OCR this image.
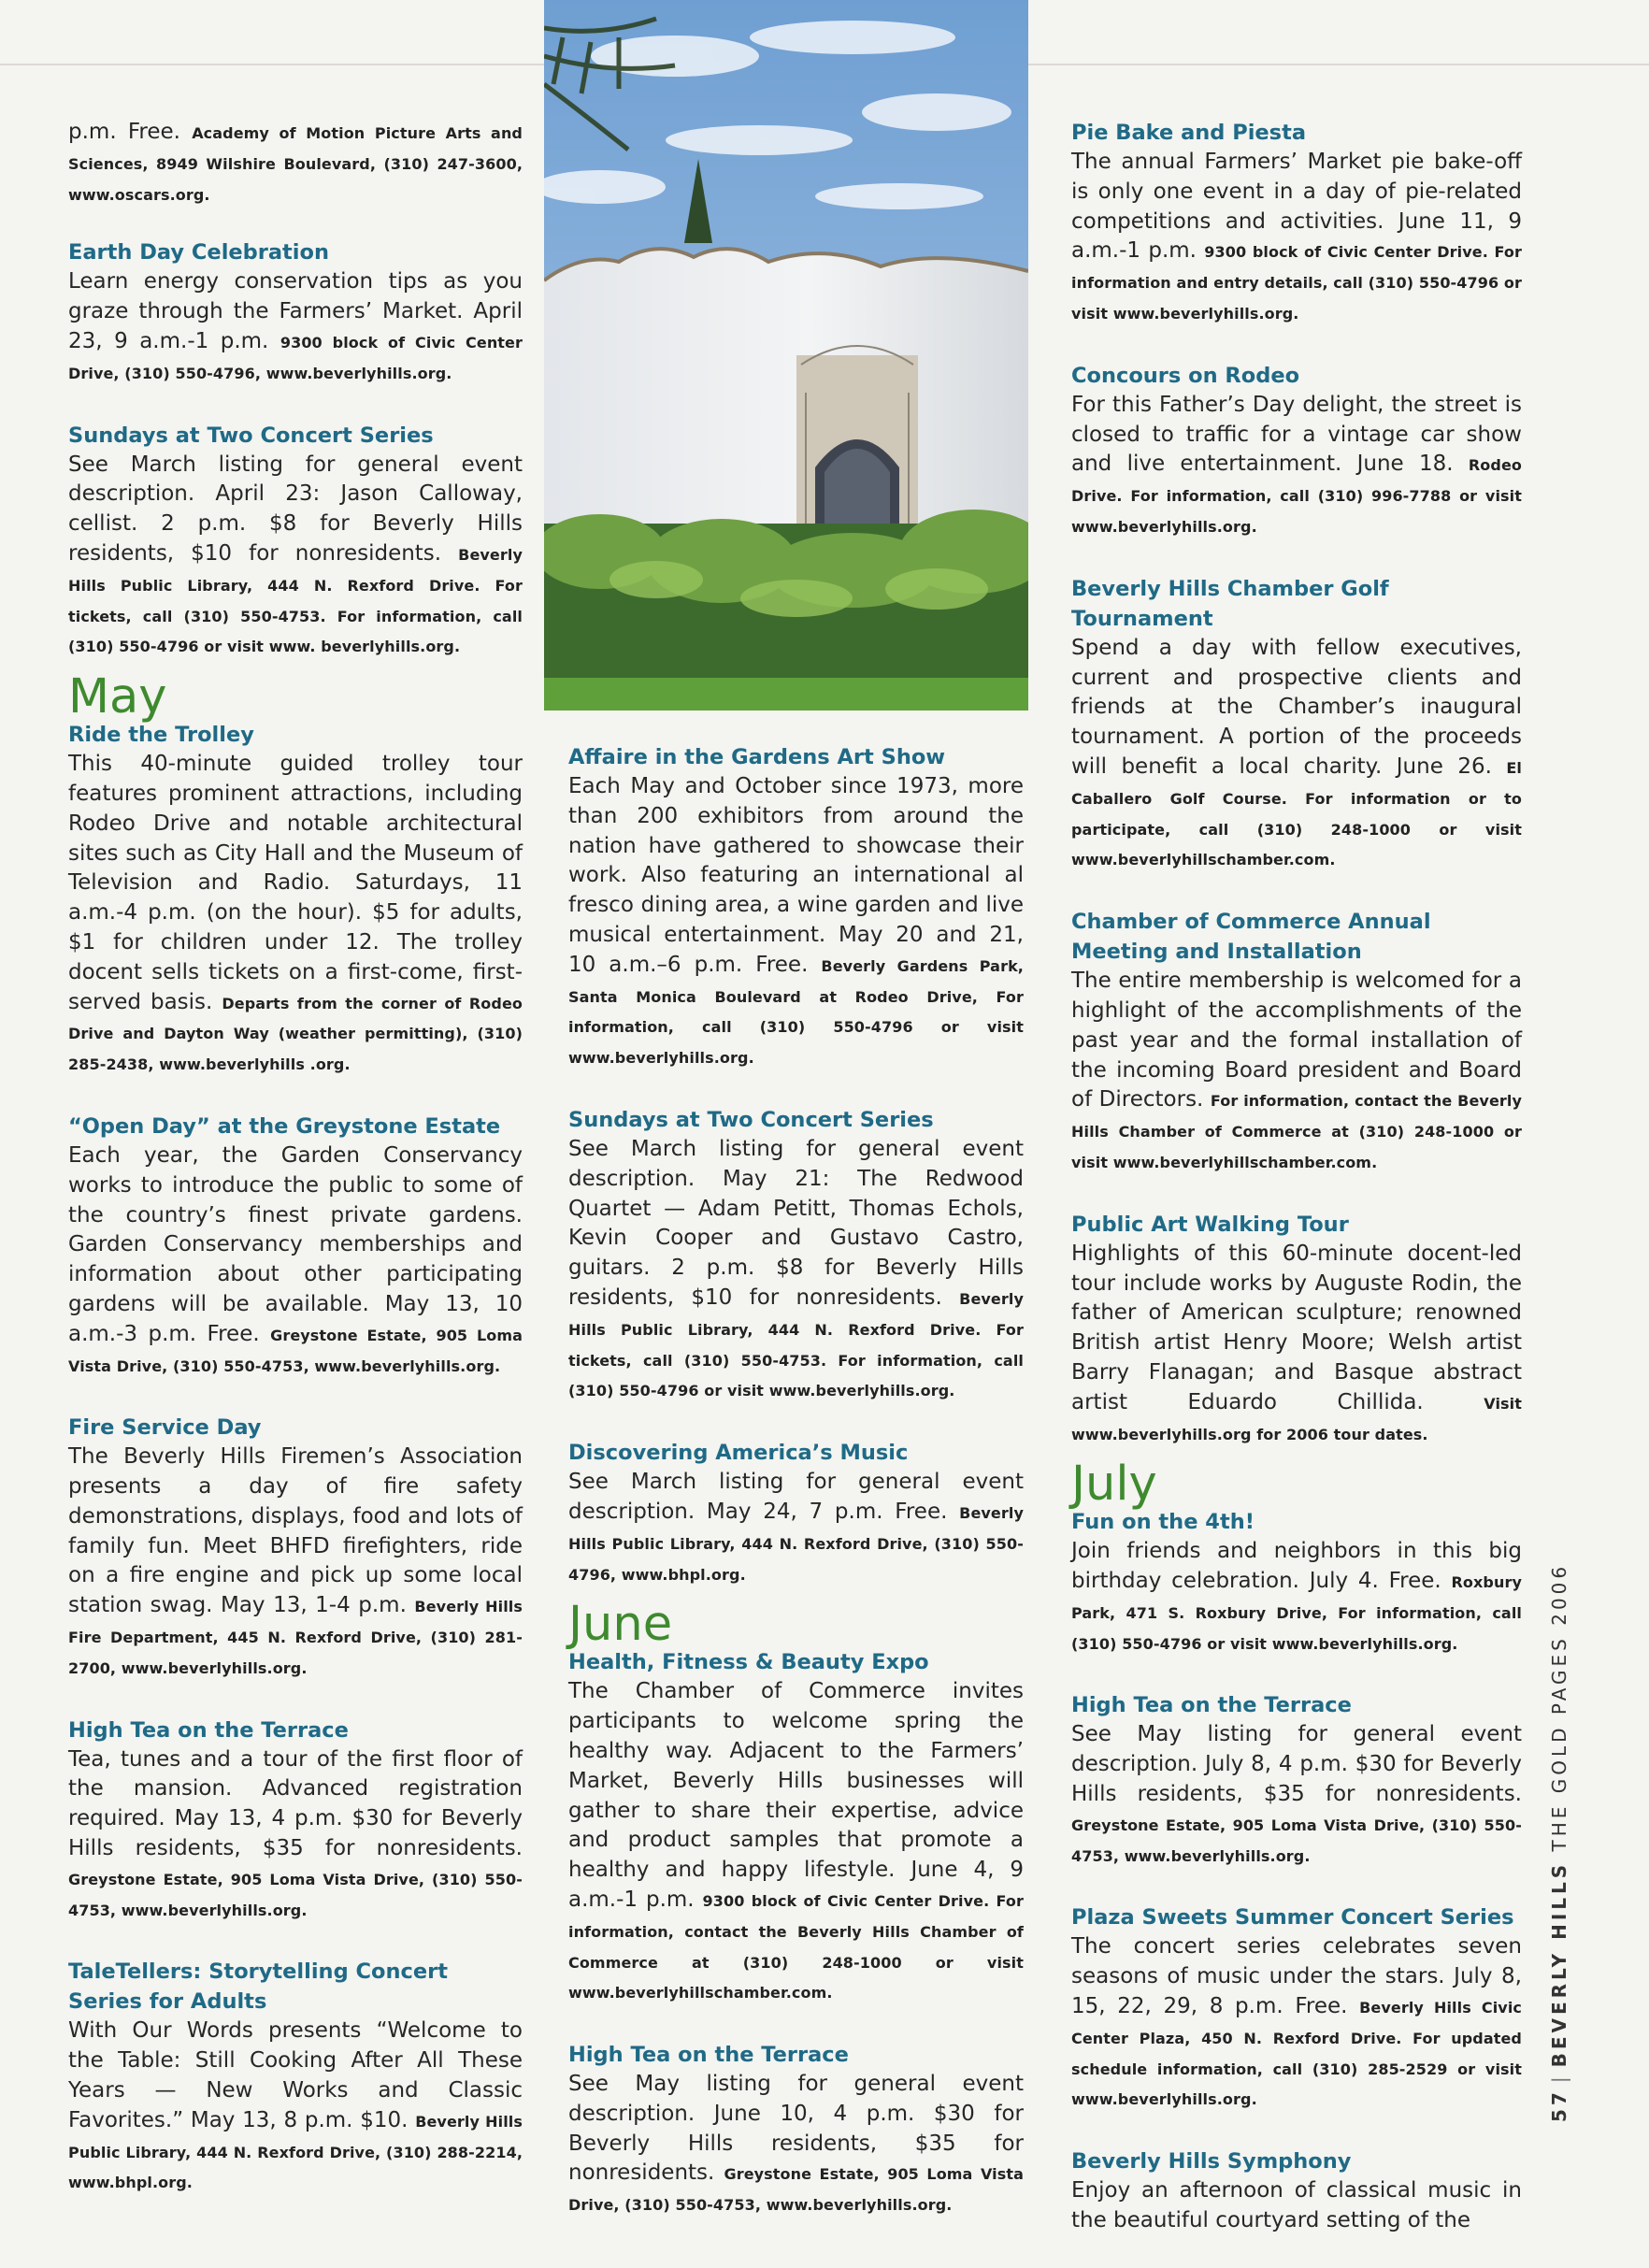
p.m. Free. Academy of Motion Picture Arts and Sciences, 8949 Wilshire Boulevard, (310) 247-3600, www.oscars.org.

Earth Day Celebration

Learn energy conservation tips as you graze through the Farmers’ Market. April 23, 9 a.m.-1 p.m. 9300 block of Civic Center Drive, (310) 550-4796, www.beverlyhills.org.

Sundays at Two Concert Series

See March listing for general event description. April 23: Jason Calloway, cellist. 2 p.m. $8 for Beverly Hills residents, $10 for nonresidents. Beverly Hills Public Library, 444 N. Rexford Drive. For tickets, call (310) 550-4753. For information, call (310) 550-4796 or visit www. beverlyhills.org.

May
Ride the Trolley

This 40-minute guided trolley tour features prominent attractions, including Rodeo Drive and notable architectural sites such as City Hall and the Museum of Television and Radio. Saturdays, 11 a.m.-4 p.m. (on the hour). $5 for adults, $1 for children under 12. The trolley docent sells tickets on a first-come, first-served basis. Departs from the corner of Rodeo Drive and Dayton Way (weather permitting), (310) 285-2438, www.beverlyhills .org.

“Open Day” at the Greystone Estate

Each year, the Garden Conservancy works to introduce the public to some of the country’s finest private gardens. Garden Conservancy memberships and information about other participating gardens will be available. May 13, 10 a.m.-3 p.m. Free. Greystone Estate, 905 Loma Vista Drive, (310) 550-4753, www.beverlyhills.org.

Fire Service Day

The Beverly Hills Firemen’s Association presents a day of fire safety demonstrations, displays, food and lots of family fun. Meet BHFD firefighters, ride on a fire engine and pick up some local station swag. May 13, 1-4 p.m. Beverly Hills Fire Department, 445 N. Rexford Drive, (310) 281-2700, www.beverlyhills.org.

High Tea on the Terrace

Tea, tunes and a tour of the first floor of the mansion. Advanced registration required. May 13, 4 p.m. $30 for Beverly Hills residents, $35 for nonresidents. Greystone Estate, 905 Loma Vista Drive, (310) 550-4753, www.beverlyhills.org.

TaleTellers: Storytelling Concert Series for Adults

With Our Words presents “Welcome to the Table: Still Cooking After All These Years — New Works and Classic Favorites.” May 13, 8 p.m. $10. Beverly Hills Public Library, 444 N. Rexford Drive, (310) 288-2214, www.bhpl.org.

Affaire in the Gardens Art Show

Each May and October since 1973, more than 200 exhibitors from around the nation have gathered to showcase their work. Also featuring an international al fresco dining area, a wine garden and live musical entertainment. May 20 and 21, 10 a.m.–6 p.m. Free. Beverly Gardens Park, Santa Monica Boulevard at Rodeo Drive, For information, call (310) 550-4796 or visit www.beverlyhills.org.

Sundays at Two Concert Series

See March listing for general event description. May 21: The Redwood Quartet — Adam Petitt, Thomas Echols, Kevin Cooper and Gustavo Castro, guitars. 2 p.m. $8 for Beverly Hills residents, $10 for nonresidents. Beverly Hills Public Library, 444 N. Rexford Drive. For tickets, call (310) 550-4753. For information, call (310) 550-4796 or visit www.beverlyhills.org.

Discovering America’s Music

See March listing for general event description. May 24, 7 p.m. Free. Beverly Hills Public Library, 444 N. Rexford Drive, (310) 550-4796, www.bhpl.org.

June
Health, Fitness & Beauty Expo

The Chamber of Commerce invites participants to welcome spring the healthy way. Adjacent to the Farmers’ Market, Beverly Hills businesses will gather to share their expertise, advice and product samples that promote a healthy and happy lifestyle. June 4, 9 a.m.-1 p.m. 9300 block of Civic Center Drive. For information, contact the Beverly Hills Chamber of Commerce at (310) 248-1000 or visit www.beverlyhillschamber.com.

High Tea on the Terrace

See May listing for general event description. June 10, 4 p.m. $30 for Beverly Hills residents, $35 for nonresidents. Greystone Estate, 905 Loma Vista Drive, (310) 550-4753, www.beverlyhills.org.

Pie Bake and Piesta

The annual Farmers’ Market pie bake-off is only one event in a day of pie-related competitions and activities. June 11, 9 a.m.-1 p.m. 9300 block of Civic Center Drive. For information and entry details, call (310) 550-4796 or visit www.beverlyhills.org.

Concours on Rodeo

For this Father’s Day delight, the street is closed to traffic for a vintage car show and live entertainment. June 18. Rodeo Drive. For information, call (310) 996-7788 or visit www.beverlyhills.org.

Beverly Hills Chamber Golf Tournament

Spend a day with fellow executives, current and prospective clients and friends at the Chamber’s inaugural tournament. A portion of the proceeds will benefit a local charity. June 26. El Caballero Golf Course. For information or to participate, call (310) 248-1000 or visit www.beverlyhillschamber.com.

Chamber of Commerce Annual Meeting and Installation

The entire membership is welcomed for a highlight of the accomplishments of the past year and the formal installation of the incoming Board president and Board of Directors. For information, contact the Beverly Hills Chamber of Commerce at (310) 248-1000 or visit www.beverlyhillschamber.com.

Public Art Walking Tour

Highlights of this 60-minute docent-led tour include works by Auguste Rodin, the father of American sculpture; renowned British artist Henry Moore; Welsh artist Barry Flanagan; and Basque abstract artist Eduardo Chillida. Visit www.beverlyhills.org for 2006 tour dates.

July
Fun on the 4th!

Join friends and neighbors in this big birthday celebration. July 4. Free. Roxbury Park, 471 S. Roxbury Drive, For information, call (310) 550-4796 or visit www.beverlyhills.org.

High Tea on the Terrace

See May listing for general event description. July 8, 4 p.m. $30 for Beverly Hills residents, $35 for nonresidents. Greystone Estate, 905 Loma Vista Drive, (310) 550-4753, www.beverlyhills.org.

Plaza Sweets Summer Concert Series

The concert series celebrates seven seasons of music under the stars. July 8, 15, 22, 29, 8 p.m. Free. Beverly Hills Civic Center Plaza, 450 N. Rexford Drive. For updated schedule information, call (310) 285-2529 or visit www.beverlyhills.org.

Beverly Hills Symphony

Enjoy an afternoon of classical music in the beautiful courtyard setting of the

57|BEVERLY HILLS THE GOLD PAGES 2006
